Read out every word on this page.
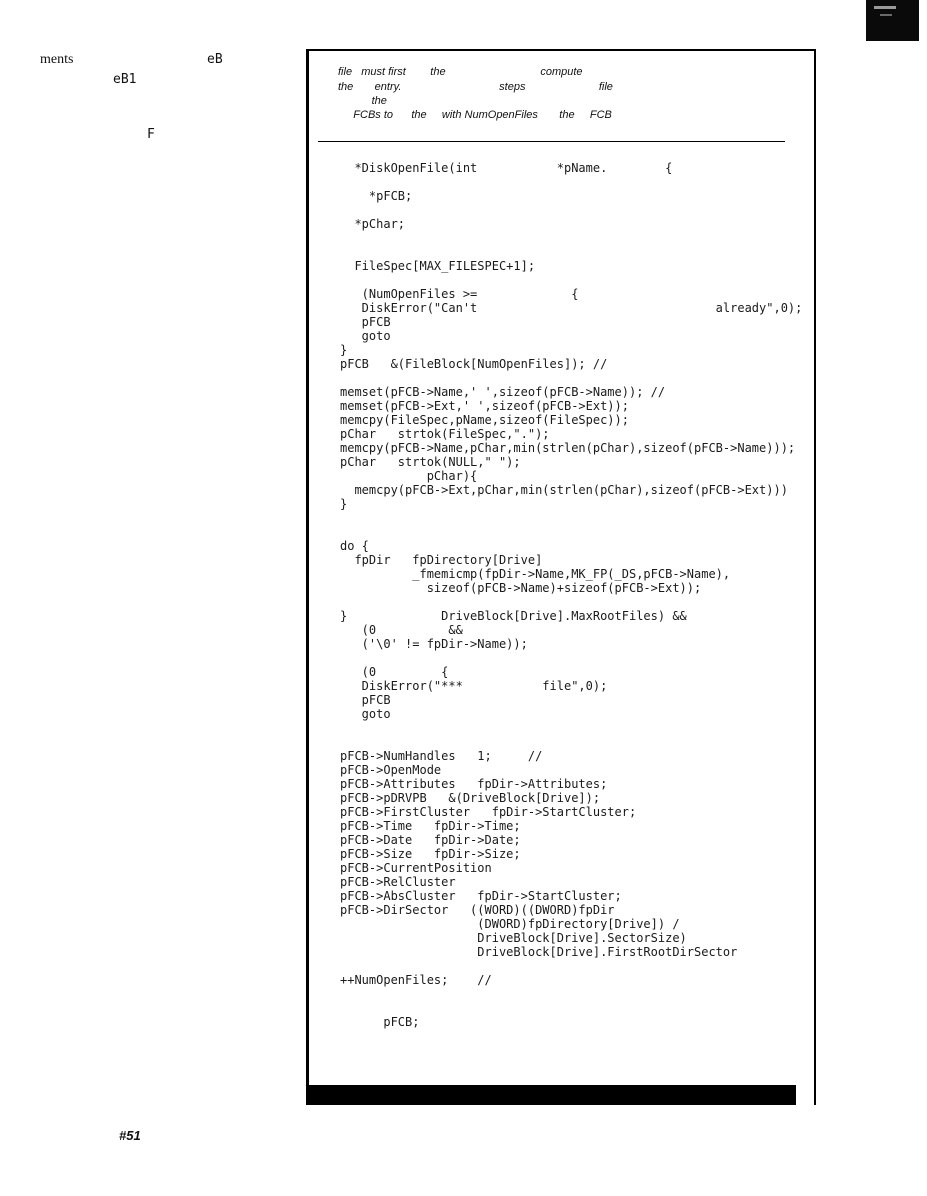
ments	eB
eB1
F
file   must first        the                               compute
the       entry.                                steps                        file
the
FCBs to      the     with NumOpenFiles       the     FCB
*DiskOpenFile(int           *pName.        {
*pFCB;
*pChar;
FileSpec[MAX_FILESPEC+1];
(NumOpenFiles >=             {
DiskError("Can't                                 already",0);
pFCB
goto
}
pFCB   &(FileBlock[NumOpenFiles]); //
memset(pFCB->Name,' ',sizeof(pFCB->Name)); //
memset(pFCB->Ext,' ',sizeof(pFCB->Ext));
memcpy(FileSpec,pName,sizeof(FileSpec));
pChar   strtok(FileSpec,".");
memcpy(pFCB->Name,pChar,min(strlen(pChar),sizeof(pFCB->Name)));
pChar   strtok(NULL," ");
pChar){
memcpy(pFCB->Ext,pChar,min(strlen(pChar),sizeof(pFCB->Ext)))
}
do {
fpDir   fpDirectory[Drive]
_fmemicmp(fpDir->Name,MK_FP(_DS,pFCB->Name),
sizeof(pFCB->Name)+sizeof(pFCB->Ext));
}             DriveBlock[Drive].MaxRootFiles) &&
(0          &&
('\0' != fpDir->Name));
(0         {
DiskError("***           file",0);
pFCB
goto
pFCB->NumHandles   1;     //
pFCB->OpenMode
pFCB->Attributes   fpDir->Attributes;
pFCB->pDRVPB   &(DriveBlock[Drive]);
pFCB->FirstCluster   fpDir->StartCluster;
pFCB->Time   fpDir->Time;
pFCB->Date   fpDir->Date;
pFCB->Size   fpDir->Size;
pFCB->CurrentPosition
pFCB->RelCluster
pFCB->AbsCluster   fpDir->StartCluster;
pFCB->DirSector   ((WORD)((DWORD)fpDir
(DWORD)fpDirectory[Drive]) /
DriveBlock[Drive].SectorSize)
DriveBlock[Drive].FirstRootDirSector
++NumOpenFiles;    //
pFCB;
#51
